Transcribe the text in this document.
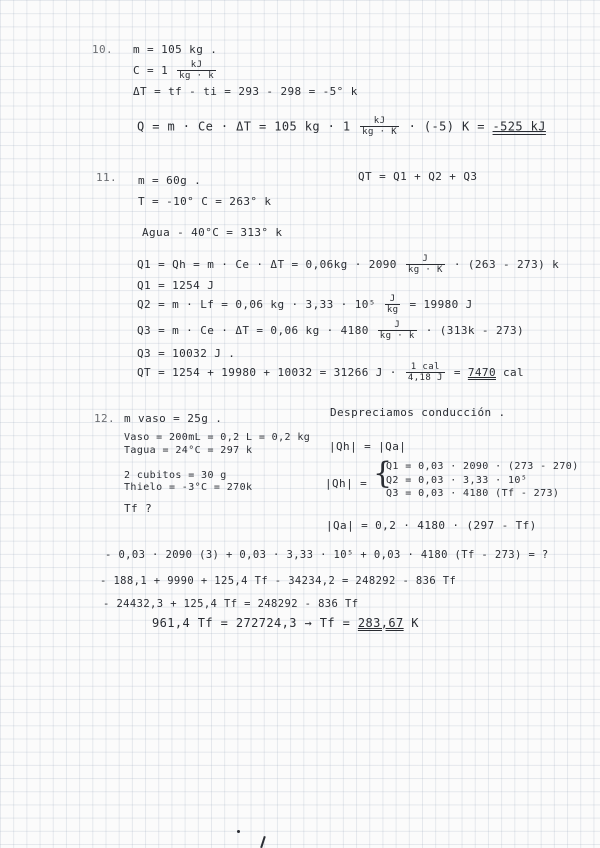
10. m = 105 kg .
$C = 1 \frac{kJ}{kg \cdot k}$
ΔT = tf - ti = 293 - 298 = -5° k
Q = m · Ce · ΔT = 105 kg · $1 \frac{kJ}{kg \cdot K} \cdot (-5) K = -525$ kJ
11. m = 60g .	QT = Q1 + Q2 + Q3
T = -10° C = 263° k
Agua - 40°C = 313° k
$Q1 = Qh = m \cdot Ce \cdot \Delta T = 0,06kg \cdot 2090 \frac{J}{kg \cdot K} \cdot (263 - 273)$ k
Q1 = 1254 J
Q2 = m · Lf = 0,06 kg · $3,33 \cdot 10^5 \frac{J}{kg} = 19980$ J
Q3 = m · Ce · ΔT = 0,06 kg · $4180 \frac{J}{kg \cdot k} \cdot (313k - 273)$
Q3 = 10032 J .
QT = 1254 + 19980 + 10032 = 31266 $J \cdot \frac{\text{1 cal}}{4,18 J} = 7470$ cal
12. m vaso = 25g .	Despreciamos conducción .
Vaso = 200mL = 0,2 L = 0,2 kg
Tagua = 24°C = 297 k	|Qh| = |Qa|
2 cubitos = 30 g
Thielo = -3°C = 270k	|Qh| = {
Q1 = 0,03 · 2090 · (273 - 270)
Q2 = 0,03 · 3,33 · 10⁵
Q3 = 0,03 · 4180 (Tf - 273)
Tf ?
|Qa| = 0,2 · 4180 · (297 - Tf)
- 0,03 · 2090 (3) + 0,03 · 3,33 · 10⁵ + 0,03 · 4180 (Tf - 273) = ?
- 188,1 + 9990 + 125,4 Tf - 34234,2 = 248292 - 836 Tf
- 24432,3 + 125,4 Tf = 248292 - 836 Tf
961,4 Tf = 272724,3 → Tf = 283,67 K
